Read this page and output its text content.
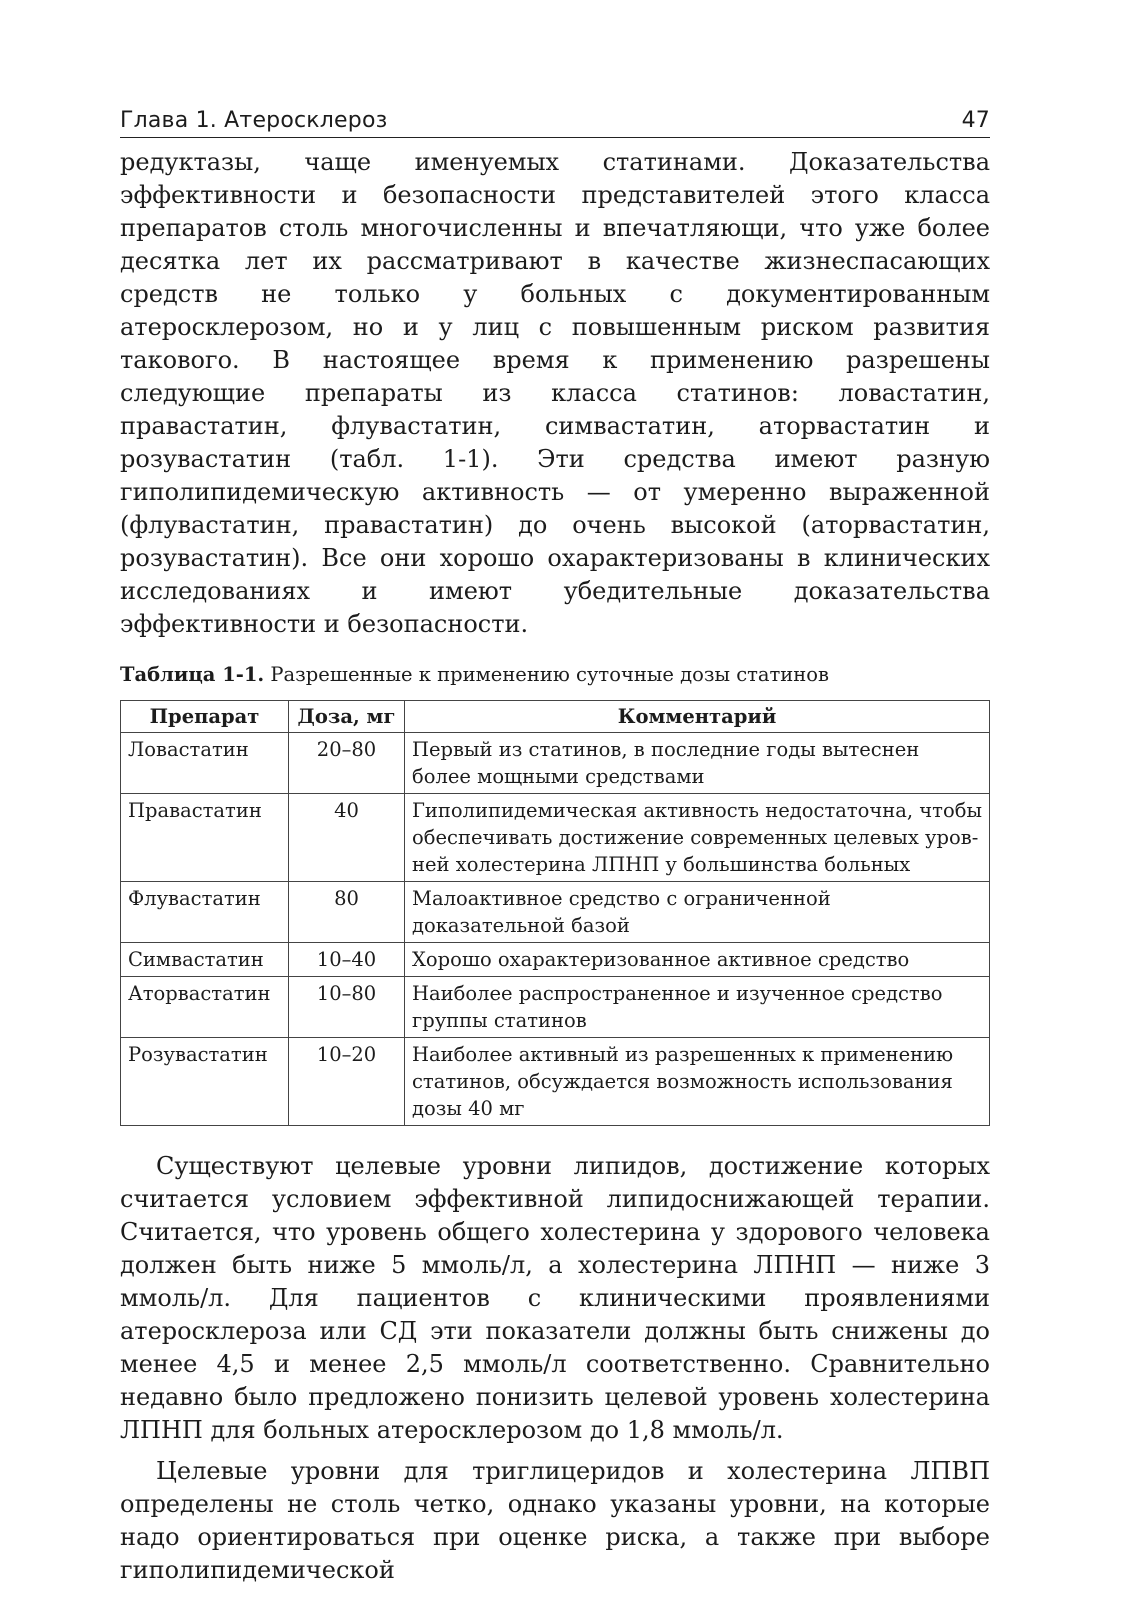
Глава 1. Атеросклероз	47

редуктазы, чаще именуемых статинами. Доказательства эффективности и безопасности представителей этого класса препаратов столь многочисленны и впечатляющи, что уже более десятка лет их рассматривают в качестве жизнеспасающих средств не только у больных с документированным атеросклерозом, но и у лиц с повышенным риском развития такового. В настоящее время к применению разрешены следующие препараты из класса статинов: ловастатин, правастатин, флувастатин, симвастатин, аторвастатин и розувастатин (табл. 1-1). Эти средства имеют разную гиполипидемическую активность — от умеренно выраженной (флувастатин, правастатин) до очень высокой (аторвастатин, розувастатин). Все они хорошо охарактеризованы в клинических исследованиях и имеют убедительные доказательства эффективности и безопасности.

Таблица 1-1. Разрешенные к применению суточные дозы статинов
Препарат	Доза, мг	Комментарий
Ловастатин	20–80	Первый из статинов, в последние годы вытеснен более мощными средствами
Правастатин	40	Гиполипидемическая активность недостаточна, чтобы обеспечивать достижение современных целевых уровней холестерина ЛПНП у большинства больных
Флувастатин	80	Малоактивное средство с ограниченной доказательной базой
Симвастатин	10–40	Хорошо охарактеризованное активное средство
Аторвастатин	10–80	Наиболее распространенное и изученное средство группы статинов
Розувастатин	10–20	Наиболее активный из разрешенных к применению статинов, обсуждается возможность использования дозы 40 мг

Существуют целевые уровни липидов, достижение которых считается условием эффективной липидоснижающей терапии. Считается, что уровень общего холестерина у здорового человека должен быть ниже 5 ммоль/л, а холестерина ЛПНП — ниже 3 ммоль/л. Для пациентов с клиническими проявлениями атеросклероза или СД эти показатели должны быть снижены до менее 4,5 и менее 2,5 ммоль/л соответственно. Сравнительно недавно было предложено понизить целевой уровень холестерина ЛПНП для больных атеросклерозом до 1,8 ммоль/л.

Целевые уровни для триглицеридов и холестерина ЛПВП определены не столь четко, однако указаны уровни, на которые надо ориентироваться при оценке риска, а также при выборе гиполипидемической
